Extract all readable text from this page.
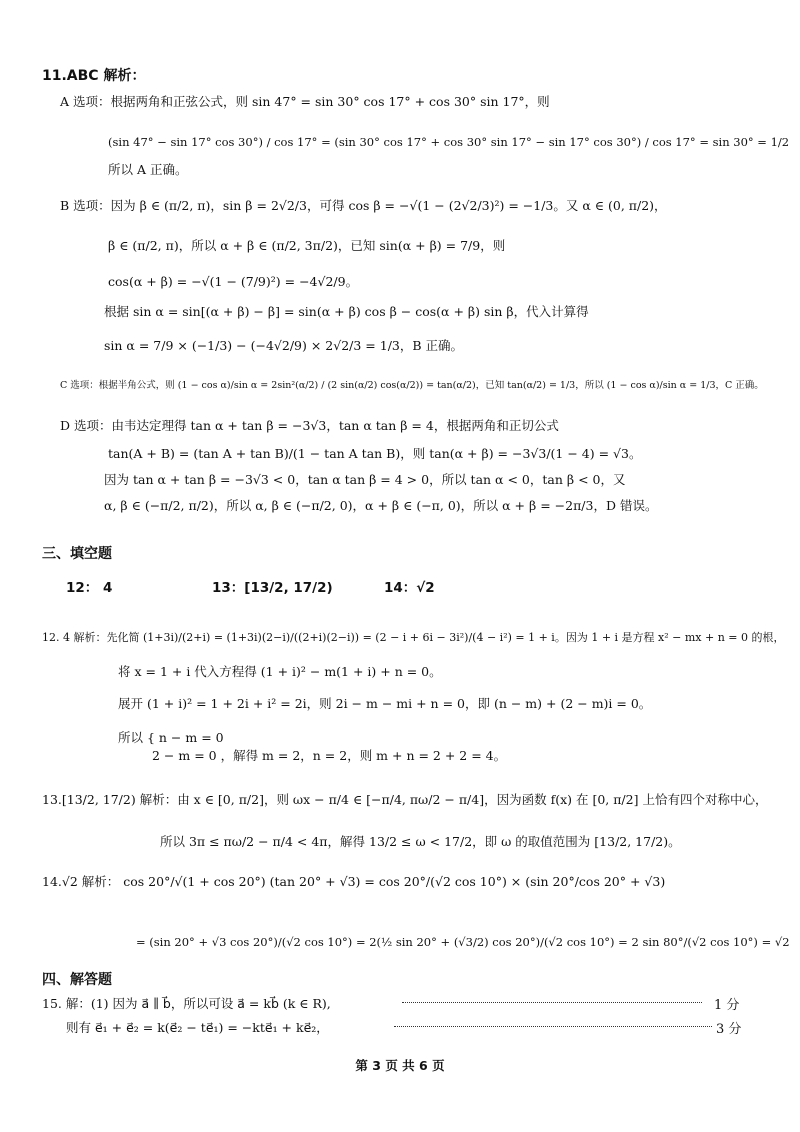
11.ABC 解析：
A 选项：根据两角和正弦公式，则 sin 47° = sin 30° cos 17° + cos 30° sin 17°，则
(sin 47° − sin 17° cos 30°) / cos 17° = (sin 30° cos 17° + cos 30° sin 17° − sin 17° cos 30°) / cos 17° = sin 30° = 1/2
所以 A 正确。
B 选项：因为 β ∈ (π/2, π)，sin β = 2√2/3，可得 cos β = −√(1 − (2√2/3)²) = −1/3。又 α ∈ (0, π/2)，
β ∈ (π/2, π)，所以 α + β ∈ (π/2, 3π/2)，已知 sin(α + β) = 7/9，则
cos(α + β) = −√(1 − (7/9)²) = −4√2/9。
根据 sin α = sin[(α + β) − β] = sin(α + β) cos β − cos(α + β) sin β，代入计算得
sin α = 7/9 × (−1/3) − (−4√2/9) × 2√2/3 = 1/3，B 正确。
C 选项：根据半角公式，则 (1 − cos α)/sin α = 2sin²(α/2) / (2 sin(α/2) cos(α/2)) = tan(α/2)，已知 tan(α/2) = 1/3，所以 (1 − cos α)/sin α = 1/3，C 正确。
D 选项：由韦达定理得 tan α + tan β = −3√3，tan α tan β = 4，根据两角和正切公式
tan(A + B) = (tan A + tan B)/(1 − tan A tan B)，则 tan(α + β) = −3√3/(1 − 4) = √3。
因为 tan α + tan β = −3√3 < 0，tan α tan β = 4 > 0，所以 tan α < 0，tan β < 0，又
α, β ∈ (−π/2, π/2)，所以 α, β ∈ (−π/2, 0)，α + β ∈ (−π, 0)，所以 α + β = −2π/3，D 错误。
三、填空题
12： 4	13：[13/2, 17/2)	14：√2
12. 4 解析：先化简 (1+3i)/(2+i) = (1+3i)(2−i)/((2+i)(2−i)) = (2 − i + 6i − 3i²)/(4 − i²) = 1 + i。因为 1 + i 是方程 x² − mx + n = 0 的根，
将 x = 1 + i 代入方程得 (1 + i)² − m(1 + i) + n = 0。
展开 (1 + i)² = 1 + 2i + i² = 2i，则 2i − m − mi + n = 0，即 (n − m) + (2 − m)i = 0。
所以 { n − m = 0
2 − m = 0 ，解得 m = 2，n = 2，则 m + n = 2 + 2 = 4。
13.[13/2, 17/2) 解析：由 x ∈ [0, π/2]，则 ωx − π/4 ∈ [−π/4, πω/2 − π/4]，因为函数 f(x) 在 [0, π/2] 上恰有四个对称中心，
所以 3π ≤ πω/2 − π/4 < 4π，解得 13/2 ≤ ω < 17/2，即 ω 的取值范围为 [13/2, 17/2)。
14.√2 解析： cos 20°/√(1 + cos 20°) (tan 20° + √3) = cos 20°/(√2 cos 10°) × (sin 20°/cos 20° + √3)
= (sin 20° + √3 cos 20°)/(√2 cos 10°) = 2(½ sin 20° + (√3/2) cos 20°)/(√2 cos 10°) = 2 sin 80°/(√2 cos 10°) = √2
四、解答题
15. 解：(1) 因为 a⃗ ∥ b⃗，所以可设 a⃗ = kb⃗ (k ∈ R),	1 分
则有 e⃗₁ + e⃗₂ = k(e⃗₂ − te⃗₁) = −kte⃗₁ + ke⃗₂，	3 分
第 3 页 共 6 页
